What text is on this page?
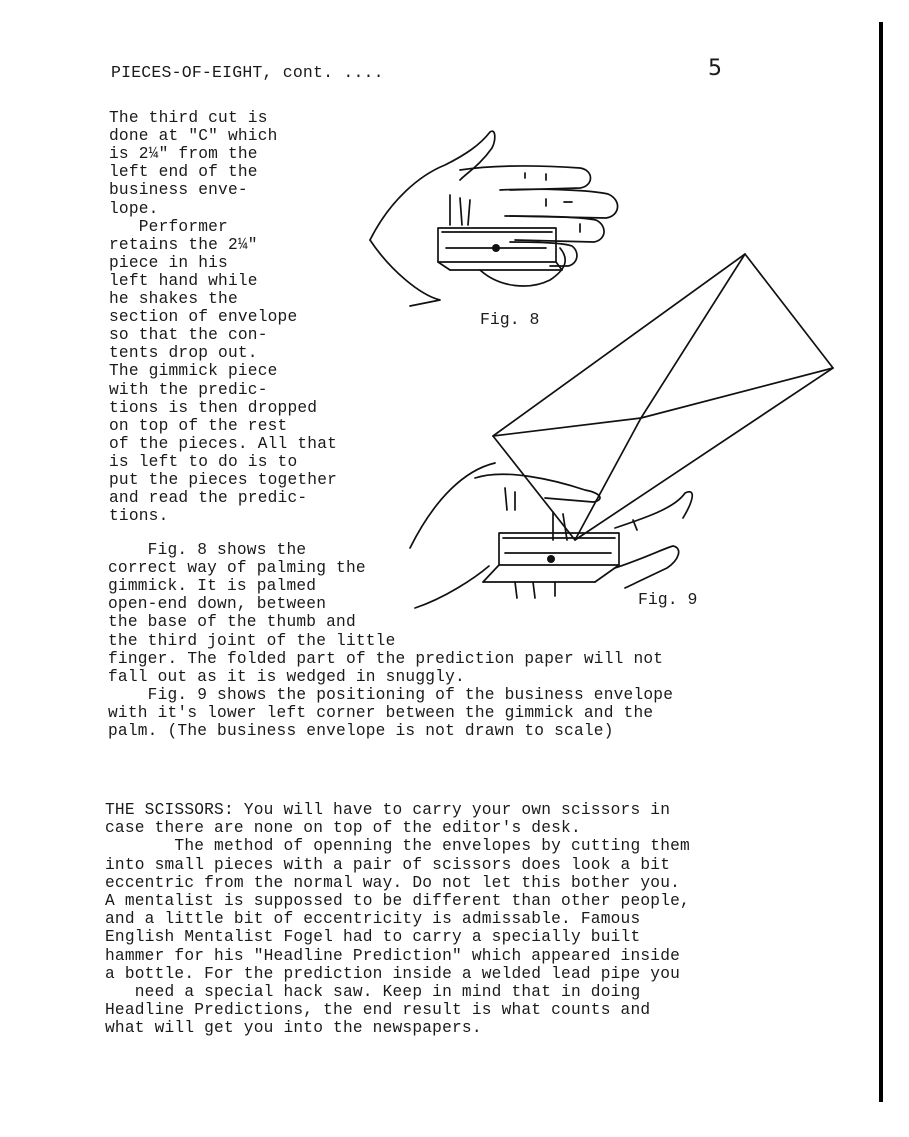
PIECES-OF-EIGHT, cont. ....	5
The third cut is
done at "C" which
is 2¼" from the
left end of the
business enve-
lope.
Performer
retains the 2¼"
piece in his
left hand while
he shakes the
section of envelope
so that the con-
tents drop out.
The gimmick piece
with the predic-
tions is then dropped
on top of the rest
of the pieces. All that
is left to do is to
put the pieces together
and read the predic-
tions.
Fig. 8 shows the
correct way of palming the
gimmick. It is palmed
open-end down, between
the base of the thumb and
the third joint of the little
finger. The folded part of the prediction paper will not
fall out as it is wedged in snuggly.
Fig. 9 shows the positioning of the business envelope
with it's lower left corner between the gimmick and the
palm. (The business envelope is not drawn to scale)
THE SCISSORS: You will have to carry your own scissors in
case there are none on top of the editor's desk.
The method of openning the envelopes by cutting them
into small pieces with a pair of scissors does look a bit
eccentric from the normal way. Do not let this bother you.
A mentalist is suppossed to be different than other people,
and a little bit of eccentricity is admissable. Famous
English Mentalist Fogel had to carry a specially built
hammer for his "Headline Prediction" which appeared inside
a bottle. For the prediction inside a welded lead pipe you
need a special hack saw. Keep in mind that in doing
Headline Predictions, the end result is what counts and
what will get you into the newspapers.
Fig. 8
Fig. 9
